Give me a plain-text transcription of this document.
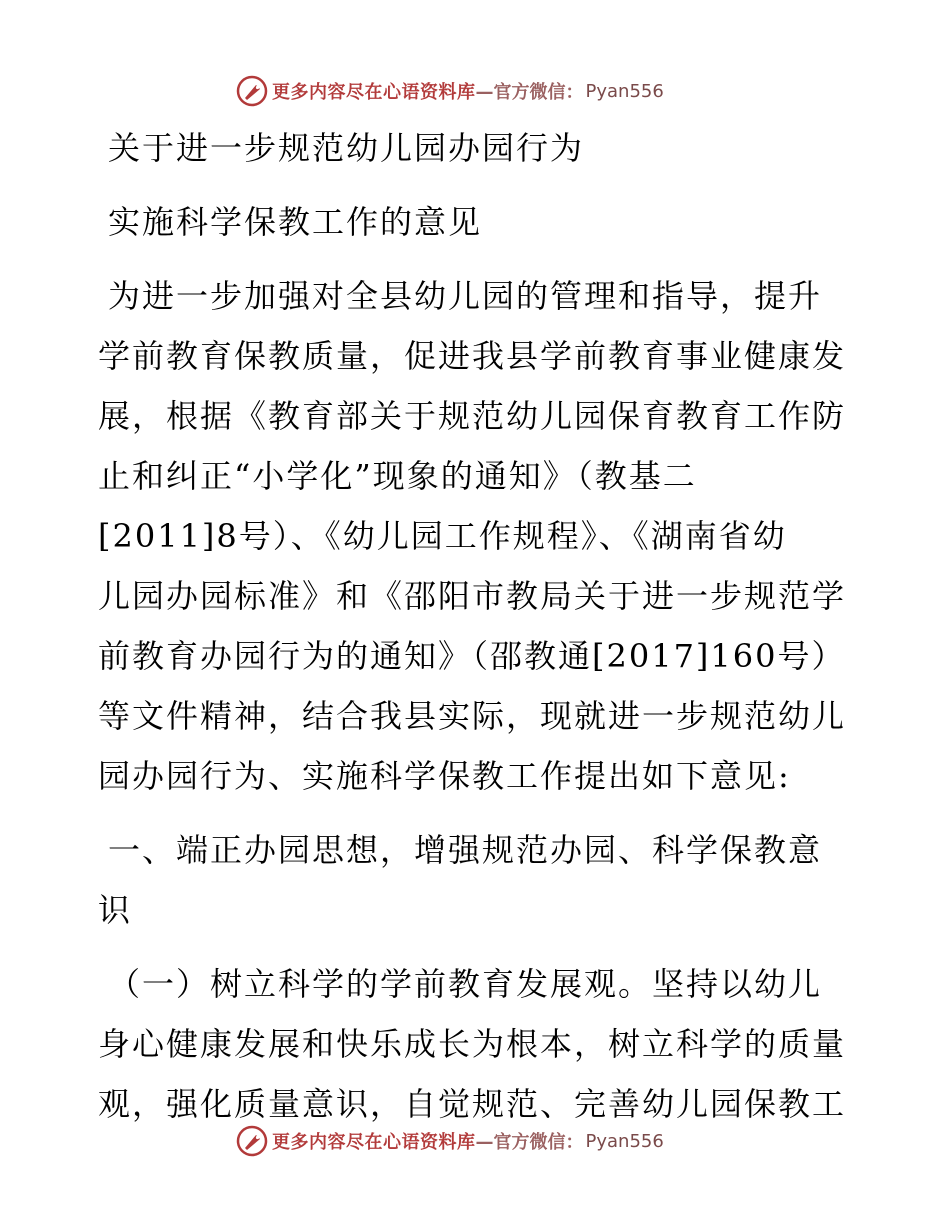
更多内容尽在心语资料库 —官方微信： Pyan556
关于进一步规范幼儿园办园行为
实施科学保教工作的意见
为进一步加强对全县幼儿园的管理和指导，提升
学前教育保教质量，促进我县学前教育事业健康发
展，根据《教育部关于规范幼儿园保育教育工作防
止和纠正“小学化”现象的通知》（教基二
[2011]8号）、《幼儿园工作规程》、《湖南省幼
儿园办园标准》和《邵阳市教局关于进一步规范学
前教育办园行为的通知》（邵教通[2017]160号）
等文件精神，结合我县实际，现就进一步规范幼儿
园办园行为、实施科学保教工作提出如下意见:
一、端正办园思想，增强规范办园、科学保教意
识
（一）树立科学的学前教育发展观。坚持以幼儿
身心健康发展和快乐成长为根本，树立科学的质量
观，强化质量意识，自觉规范、完善幼儿园保教工
更多内容尽在心语资料库 —官方微信： Pyan556
